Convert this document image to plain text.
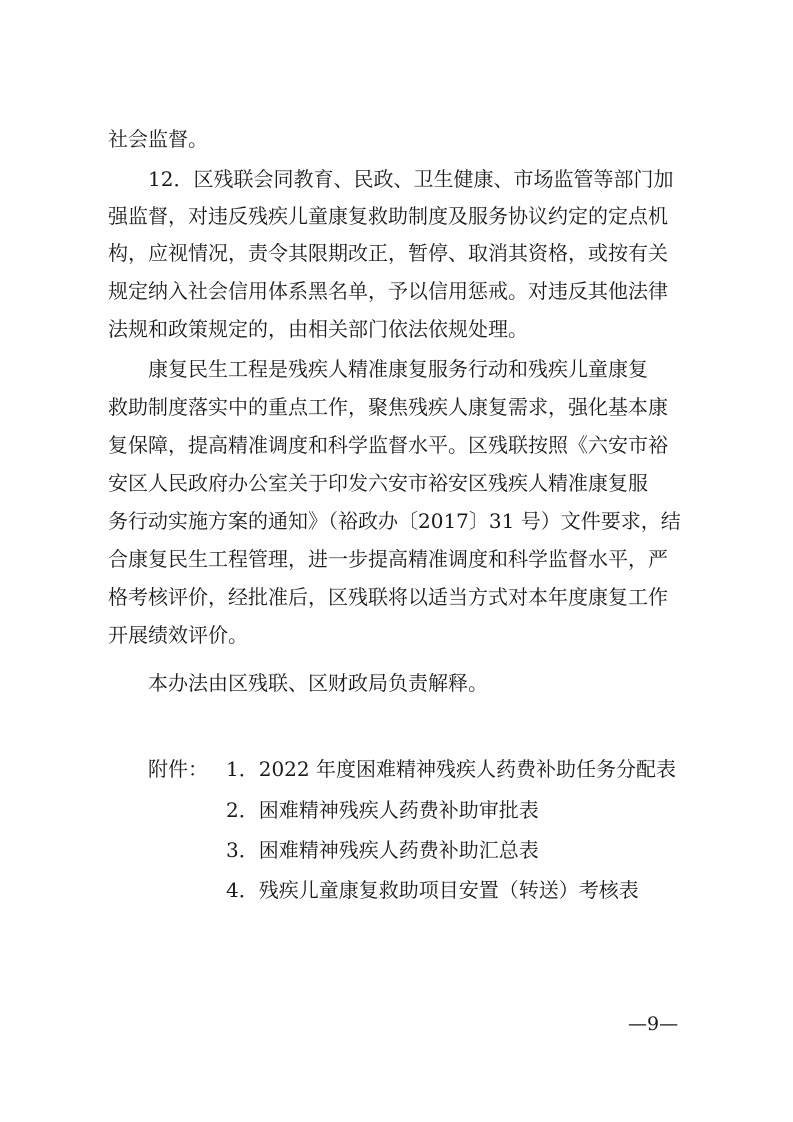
社会监督。
12．区残联会同教育、民政、卫生健康、市场监管等部门加
强监督，对违反残疾儿童康复救助制度及服务协议约定的定点机
构，应视情况，责令其限期改正，暂停、取消其资格，或按有关
规定纳入社会信用体系黑名单，予以信用惩戒。对违反其他法律
法规和政策规定的，由相关部门依法依规处理。
康复民生工程是残疾人精准康复服务行动和残疾儿童康复
救助制度落实中的重点工作，聚焦残疾人康复需求，强化基本康
复保障，提高精准调度和科学监督水平。区残联按照《六安市裕
安区人民政府办公室关于印发六安市裕安区残疾人精准康复服
务行动实施方案的通知》（裕政办〔2017〕31 号）文件要求，结
合康复民生工程管理，进一步提高精准调度和科学监督水平，严
格考核评价，经批准后，区残联将以适当方式对本年度康复工作
开展绩效评价。
本办法由区残联、区财政局负责解释。
附件： 1．2022 年度困难精神残疾人药费补助任务分配表
2．困难精神残疾人药费补助审批表
3．困难精神残疾人药费补助汇总表
4．残疾儿童康复救助项目安置（转送）考核表
—9—
